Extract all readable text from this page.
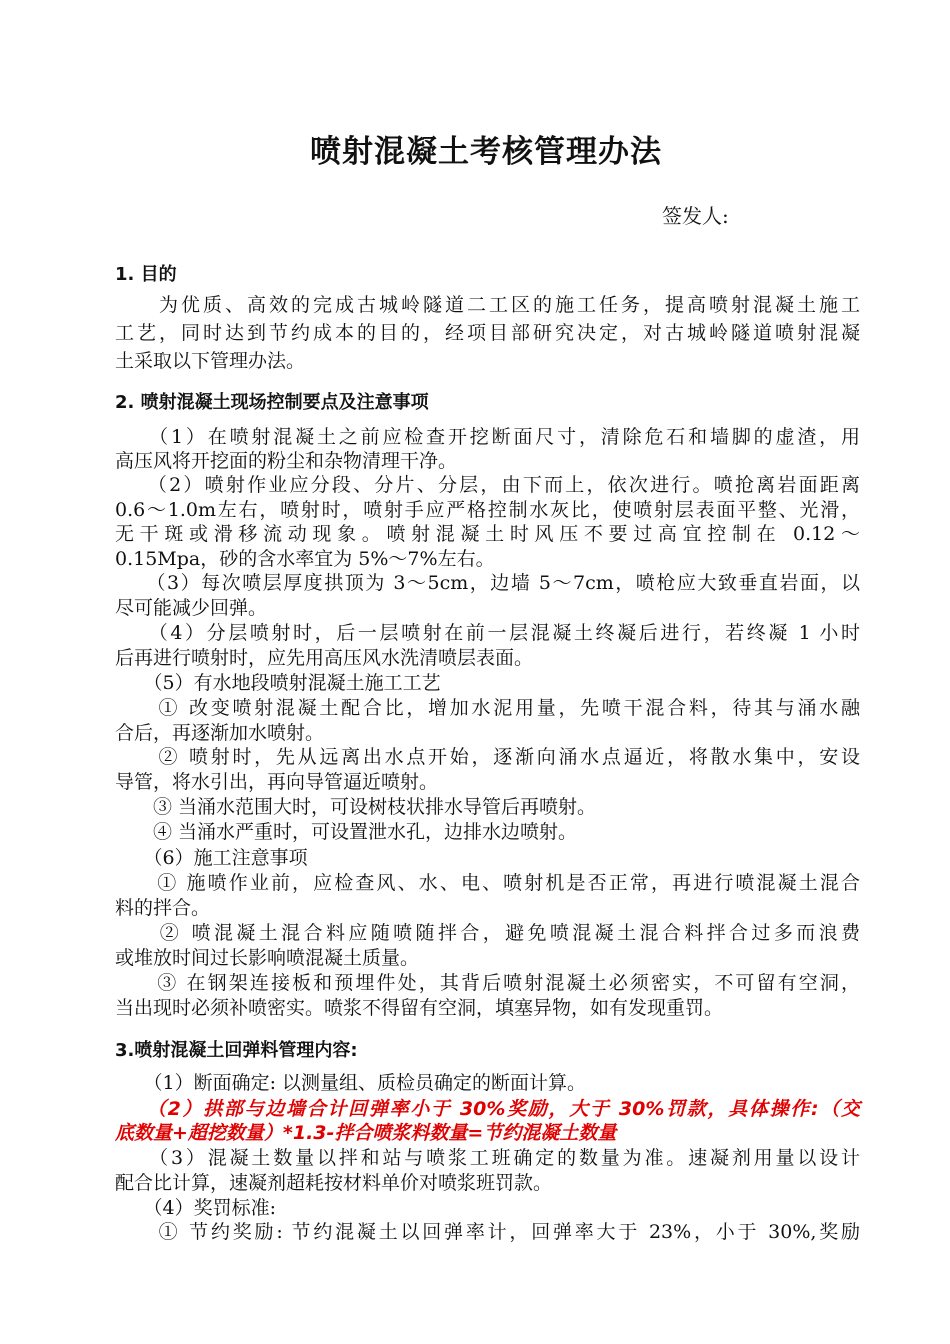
喷射混凝土考核管理办法
签发人:
1. 目的
　　为优质、高效的完成古城岭隧道二工区的施工任务，提高喷射混凝土施工
工艺，同时达到节约成本的目的，经项目部研究决定，对古城岭隧道喷射混凝
土采取以下管理办法。
2. 喷射混凝土现场控制要点及注意事项
　　（1）在喷射混凝土之前应检查开挖断面尺寸，清除危石和墙脚的虚渣，用
高压风将开挖面的粉尘和杂物清理干净。
　　（2）喷射作业应分段、分片、分层，由下而上，依次进行。喷抢离岩面距离
0.6～1.0m左右，喷射时，喷射手应严格控制水灰比，使喷射层表面平整、光滑，
无干斑或滑移流动现象。喷射混凝土时风压不要过高宜控制在 0.12～
0.15Mpa，砂的含水率宜为 5%～7%左右。
　　（3）每次喷层厚度拱顶为 3～5cm，边墙 5～7cm，喷枪应大致垂直岩面，以
尽可能减少回弹。
　　（4）分层喷射时，后一层喷射在前一层混凝土终凝后进行，若终凝 1 小时
后再进行喷射时，应先用高压风水洗清喷层表面。
　　（5）有水地段喷射混凝土施工工艺
　　① 改变喷射混凝土配合比，增加水泥用量，先喷干混合料，待其与涌水融
合后，再逐渐加水喷射。
　　② 喷射时，先从远离出水点开始，逐渐向涌水点逼近，将散水集中，安设
导管，将水引出，再向导管逼近喷射。
　　③ 当涌水范围大时，可设树枝状排水导管后再喷射。
　　④ 当涌水严重时，可设置泄水孔，边排水边喷射。
　　（6）施工注意事项
　　① 施喷作业前，应检查风、水、电、喷射机是否正常，再进行喷混凝土混合
料的拌合。
　　② 喷混凝土混合料应随喷随拌合，避免喷混凝土混合料拌合过多而浪费
或堆放时间过长影响喷混凝土质量。
　　③ 在钢架连接板和预埋件处，其背后喷射混凝土必须密实，不可留有空洞，
当出现时必须补喷密实。喷浆不得留有空洞，填塞异物，如有发现重罚。
3.喷射混凝土回弹料管理内容:
　　（1）断面确定: 以测量组、质检员确定的断面计算。
　　（2）拱部与边墙合计回弹率小于 30%奖励，大于 30%罚款，具体操作:（交
底数量+超挖数量）*1.3-拌合喷浆料数量=节约混凝土数量
　　（3）混凝土数量以拌和站与喷浆工班确定的数量为准。速凝剂用量以设计
配合比计算，速凝剂超耗按材料单价对喷浆班罚款。
　　（4）奖罚标准:
　　① 节约奖励: 节约混凝土以回弹率计，回弹率大于 23%，小于 30%,奖励
